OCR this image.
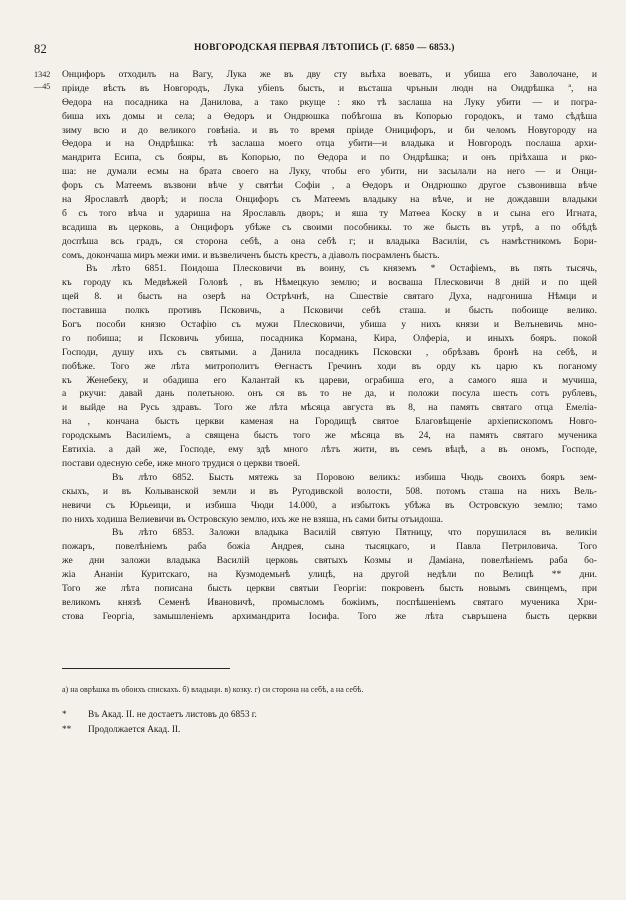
82	НОВГОРОДСКАЯ ПЕРВАЯ ЛѢТОПИСЬ (Г. 6850 — 6853.)
1342
—45
Онцифоръ отходилъ на Вагу, Лука же въ дву сту выѣха воевать, и убиша его Заволочане, и
прiиде вѣсть въ Новгородъ, Лука убienъ бысть, и въсташа чръныи людн на Оидрѣшка ª, на
Ѳедора на посадника на Данилова, а тако ркуще : яко тѣ заслаша на Луку убити — и погра-
биша ихъ домы и села; а Ѳедоръ и Ондрюшка побѣгоша въ Копорью городокъ, и тамо сѣдѣша
зиму всю и до великого говѣнiа. и въ то время прiиде Оницифоръ, и би челомъ Новугороду на
Ѳедора и на Ондрѣшка: тѣ заслаша моего отца убити—и владыка и Новгородъ послаша архи-
мандрита Есипа, съ бояры, въ Копорью, по Ѳедора и по Ондрѣшка; и онъ прiѣхаша и рко-
ша: не думали есмы на брата своего на Луку, чтобы его убити, ни засылали на него — и Онци-
форъ съ Матеемъ възвони вѣче у святѣи Софiи , а Ѳедоръ и Ондрюшко другое съзвонивша вѣче
на Ярославлѣ дворѣ; и посла Онцифоръ съ Матеемъ владыку на вѣче, и не дождавши владыки
б съ того вѣча и удариша на Ярославль дворъ; и яша ту Матѳеа Коску в и сына его Игната,
всадиша въ церковь, а Онцифоръ убѣже съ своими пособникы. то же бысть въ утрѣ, а по обѣдѣ
доспѣша всь градъ, ся сторона себѣ, а она себѣ г; и владыка Василiи, съ намѣстникомъ Бори-
сомъ, докончаша миръ межи ими. и възвеличенъ бысть крестъ, а дiаволъ посрамленъ бысть.
Въ лѣто 6851. Поидоша Плесковичи въ воину, съ княземъ * Остафiемъ, въ пять тысячь,
къ городу къ Медвѣжей Головѣ , въ Нѣмецкую землю; и восваша Плесковичи 8 днiй и по щей
щей 8. и бысть на озерѣ на Острѣчнѣ, на Сшествiе святаго Духа, надгониша Нѣмци и
поставиша полкъ противъ Псковичь, а Псковичи себѣ сташа. и бысть побоище велико.
Богъ пособи князю Остафiю съ мужи Плесковичи, убиша у нихъ князи и Велъневичь мно-
го побиша; и Псковичь убиша, посадника Кормана, Кира, Олферiа, и иныхъ бояръ. покой
Господи, душу ихъ съ святыми. а Данила посадникъ Псковски , обрѣзавъ бронѣ на себѣ, и
побѣже. Того же лѣта митрополитъ Ѳегнастъ Гречинъ ходи въ орду къ царю къ поганому
къ Женебеку, и обадиша его Калантай къ цареви, ограбиша его, а самого яша и мучиша,
а ркучи: давай дань полетьною. онъ ся въ то не да, и положи посула шесть сотъ рублевъ,
и выйде на Русь здравъ. Того же лѣта мѣсяца августа въ 8, на память святаго отца Емелiа-
на , кончана бысть церкви каменая на Городищѣ святое Благовѣщенiе архiепископомъ Новго-
городскымъ Василiемъ, а священа бысть того же мѣсяца въ 24, на память святаго мученика
Евтихiа. а дай же, Господе, ему здѣ много лѣтъ жити, въ семъ вѣцѣ, а въ ономъ, Господе,
постави одесную себе, иже много трудися о церкви твоей.
Въ лѣто 6852. Бысть мятежь за Поровою великъ: избиша Чюдь своихъ бояръ зем-
скыхъ, и въ Колыванской земли и въ Ругодивской волости, 508. потомъ сташа на нихъ Вель-
невичи съ Юрьеици, и избиша Чюди 14.000, а избытокъ убѣжа въ Островскую землю; тамо
по нихъ ходиша Велиевичи въ Островскую землю, ихъ же не взяша, нъ сами биты отъидоша.
Въ лѣто 6853. Заложи владыка Василiй святую Пятницу, что порушилася въ великiи
пожаръ, повелѣнiемъ раба божiа Андрея, сына тысяцкаго, и Павла Петриловича. Того
же дни заложи владыка Василiй церковь святыхъ Козмы и Дамiана, повелѣнiемъ раба бо-
жiа Ананiи Куритскаго, на Кузмодемьнѣ улицѣ, на другой недѣли по Велицѣ ** дни.
Того же лѣта пописана бысть церкви святыи Георгiи: покровенъ бысть новымъ свинцемъ, при
великомъ князѣ Семенѣ Ивановичѣ, промысломъ божiимъ, поспѣшенiемъ святаго мученика Хри-
стова Георгiа, замышленiемъ архимандрита Iосифа. Того же лѣта съвръшена бысть церкви
а) на оврѣшка въ обоихъ спискахъ. б) владыци. в) козку. г) си сторона на себѣ, а на себѣ.
* Въ Акад. II. не достаетъ листовъ до 6853 г.
** Продолжается Акад. II.
